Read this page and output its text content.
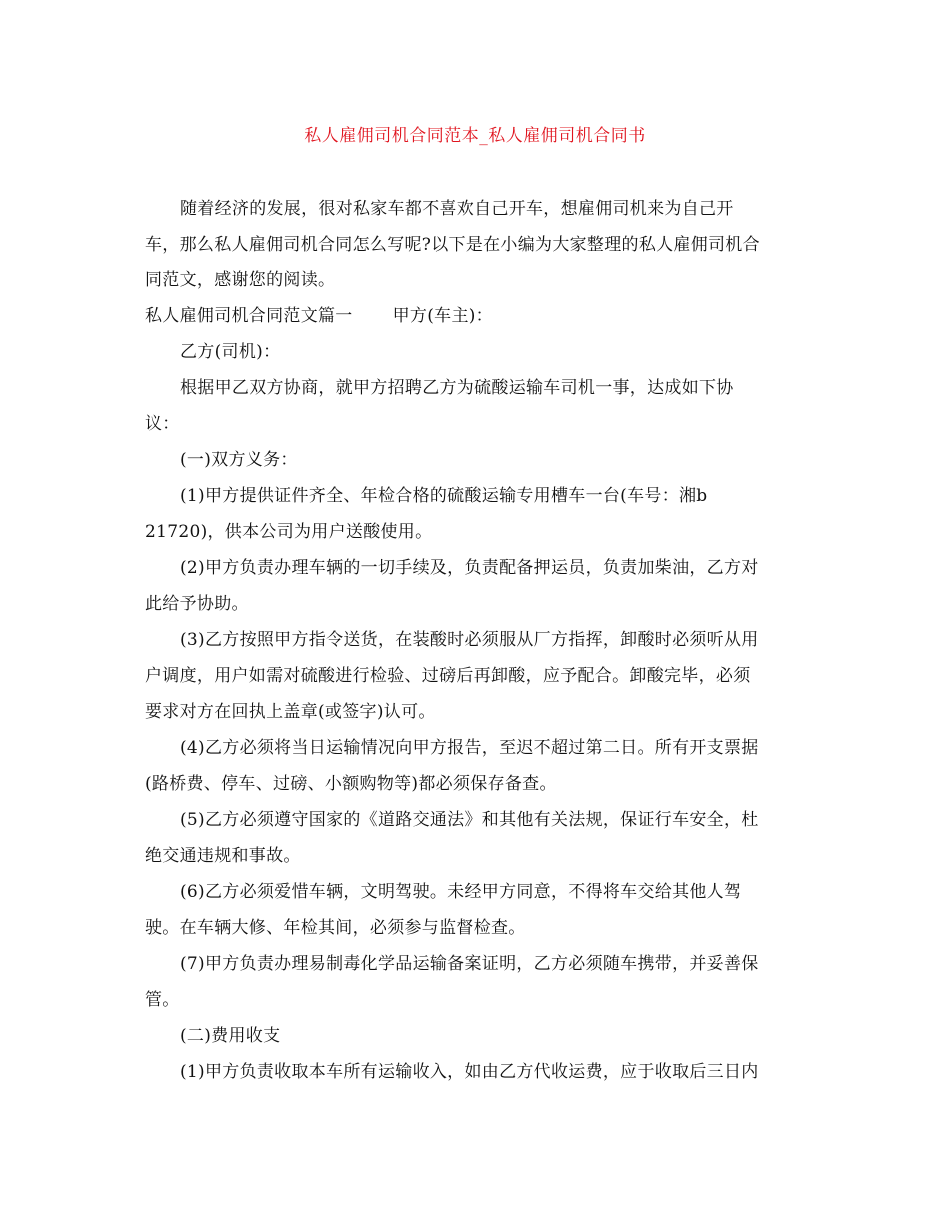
私人雇佣司机合同范本_私人雇佣司机合同书
随着经济的发展，很对私家车都不喜欢自己开车，想雇佣司机来为自己开
车，那么私人雇佣司机合同怎么写呢?以下是在小编为大家整理的私人雇佣司机合
同范文，感谢您的阅读。
私人雇佣司机合同范文篇一 甲方(车主)：
乙方(司机)：
根据甲乙双方协商，就甲方招聘乙方为硫酸运输车司机一事，达成如下协
议：
(一)双方义务：
(1)甲方提供证件齐全、年检合格的硫酸运输专用槽车一台(车号：湘b
21720)，供本公司为用户送酸使用。
(2)甲方负责办理车辆的一切手续及，负责配备押运员，负责加柴油，乙方对
此给予协助。
(3)乙方按照甲方指令送货，在装酸时必须服从厂方指挥，卸酸时必须听从用
户调度，用户如需对硫酸进行检验、过磅后再卸酸，应予配合。卸酸完毕，必须
要求对方在回执上盖章(或签字)认可。
(4)乙方必须将当日运输情况向甲方报告，至迟不超过第二日。所有开支票据
(路桥费、停车、过磅、小额购物等)都必须保存备查。
(5)乙方必须遵守国家的《道路交通法》和其他有关法规，保证行车安全，杜
绝交通违规和事故。
(6)乙方必须爱惜车辆，文明驾驶。未经甲方同意，不得将车交给其他人驾
驶。在车辆大修、年检其间，必须参与监督检查。
(7)甲方负责办理易制毒化学品运输备案证明，乙方必须随车携带，并妥善保
管。
(二)费用收支
(1)甲方负责收取本车所有运输收入，如由乙方代收运费，应于收取后三日内
